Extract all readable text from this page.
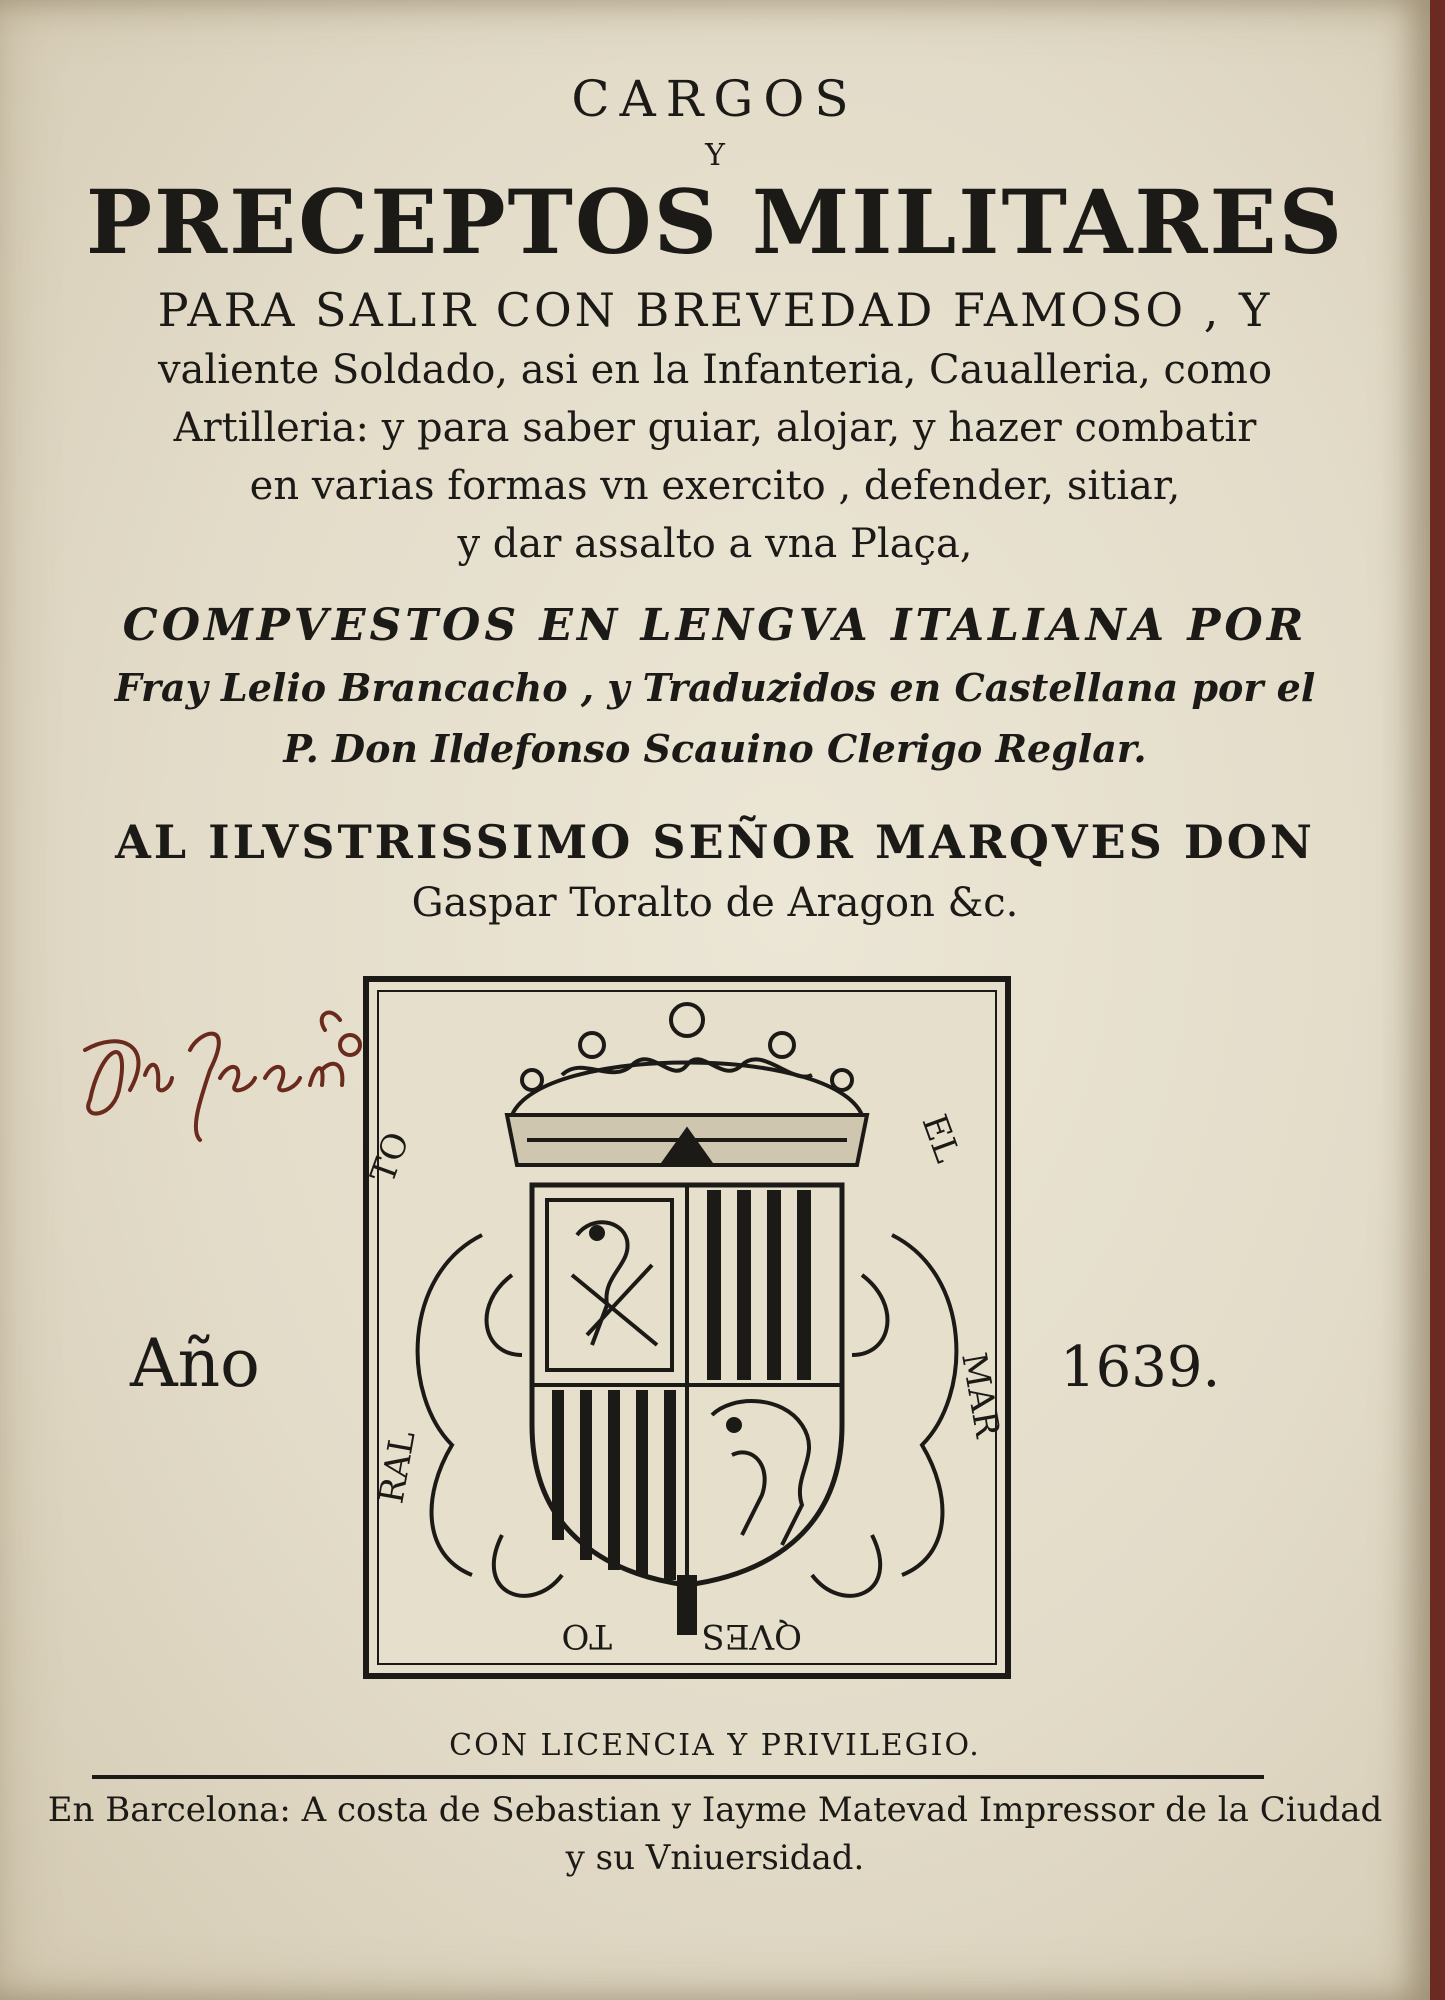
CARGOS
Y
PRECEPTOS MILITARES
PARA SALIR CON BREVEDAD FAMOSO , Y
valiente Soldado, asi en la Infanteria, Caualleria, como
Artilleria: y para saber guiar, alojar, y hazer combatir
en varias formas vn exercito , defender, sitiar,
y dar assalto a vna Plaça,
COMPVESTOS EN LENGVA ITALIANA POR
Fray Lelio Brancacho , y Traduzidos en Castellana por el
P. Don Ildefonso Scauino Clerigo Reglar.
AL ILVSTRISSIMO SEÑOR MARQVES DON
Gaspar Toralto de Aragon &c.
TO
RAL
EL
MAR
TO	QVES
Año	1639.
CON LICENCIA Y PRIVILEGIO.
En Barcelona: A costa de Sebastian y Iayme Matevad Impressor de la Ciudad
y su Vniuersidad.
